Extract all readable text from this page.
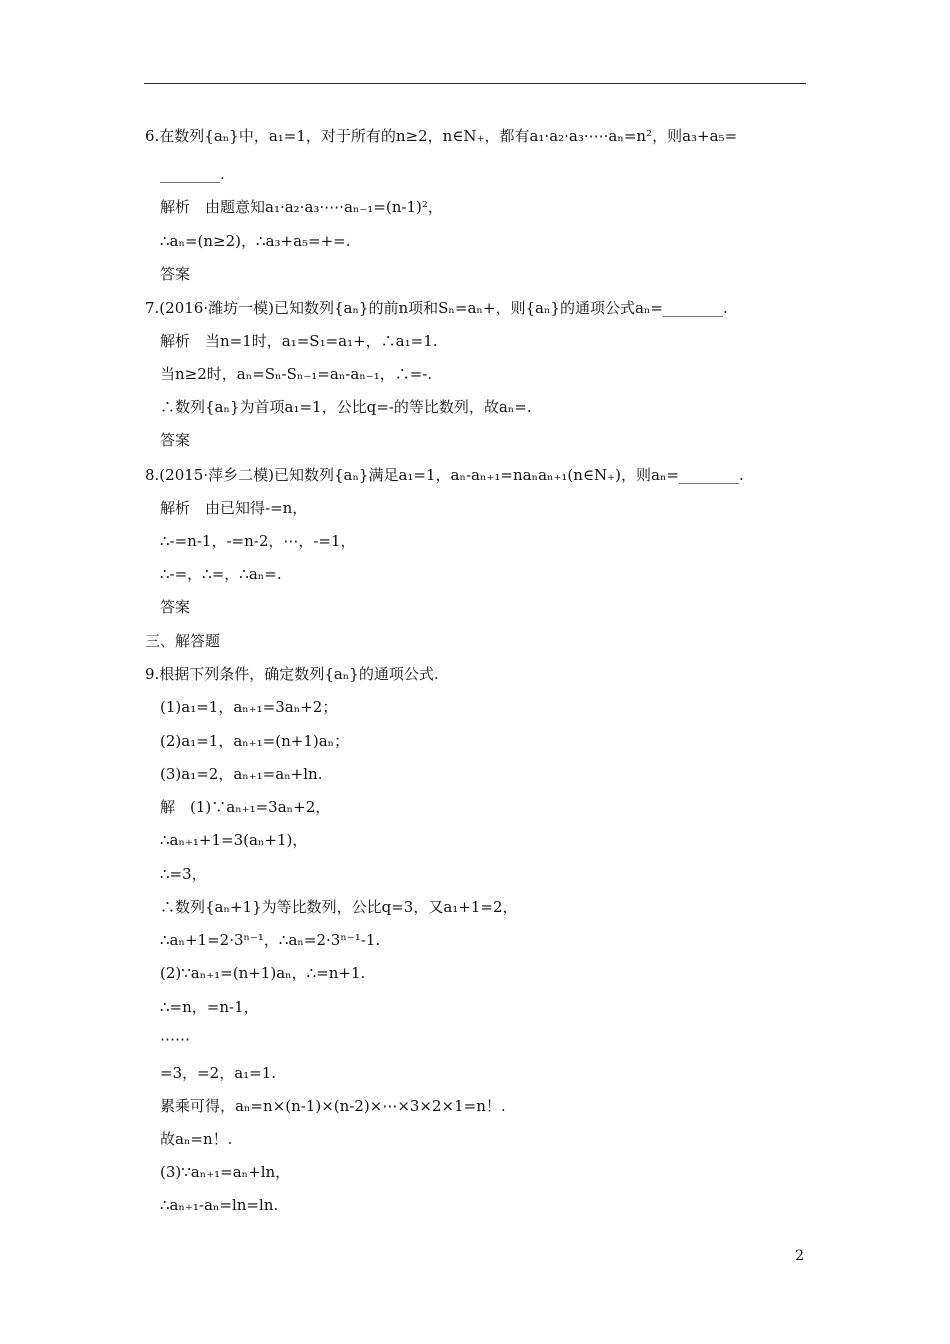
6.在数列{aₙ}中，a₁=1，对于所有的n≥2，n∈N₊，都有a₁·a₂·a₃·⋯·aₙ=n²，则a₃+a₅=
________.
解析　由题意知a₁·a₂·a₃·⋯·aₙ₋₁=(n-1)²，
∴aₙ=(n≥2)，∴a₃+a₅=+=.
答案
7.(2016·潍坊一模)已知数列{aₙ}的前n项和Sₙ=aₙ+，则{aₙ}的通项公式aₙ=________.
解析　当n=1时，a₁=S₁=a₁+，∴a₁=1.
当n≥2时，aₙ=Sₙ-Sₙ₋₁=aₙ-aₙ₋₁，∴=-.
∴数列{aₙ}为首项a₁=1，公比q=-的等比数列，故aₙ=.
答案
8.(2015·萍乡二模)已知数列{aₙ}满足a₁=1，aₙ-aₙ₊₁=naₙaₙ₊₁(n∈N₊)，则aₙ=________.
解析　由已知得-=n，
∴-=n-1，-=n-2，⋯，-=1，
∴-=，∴=，∴aₙ=.
答案
三、解答题
9.根据下列条件，确定数列{aₙ}的通项公式.
(1)a₁=1，aₙ₊₁=3aₙ+2；
(2)a₁=1，aₙ₊₁=(n+1)aₙ；
(3)a₁=2，aₙ₊₁=aₙ+ln.
解　(1)∵aₙ₊₁=3aₙ+2，
∴aₙ₊₁+1=3(aₙ+1)，
∴=3，
∴数列{aₙ+1}为等比数列，公比q=3，又a₁+1=2，
∴aₙ+1=2·3ⁿ⁻¹，∴aₙ=2·3ⁿ⁻¹-1.
(2)∵aₙ₊₁=(n+1)aₙ，∴=n+1.
∴=n，=n-1，
⋯⋯
=3，=2，a₁=1.
累乘可得，aₙ=n×(n-1)×(n-2)×⋯×3×2×1=n！.
故aₙ=n！.
(3)∵aₙ₊₁=aₙ+ln，
∴aₙ₊₁-aₙ=ln=ln.
2
